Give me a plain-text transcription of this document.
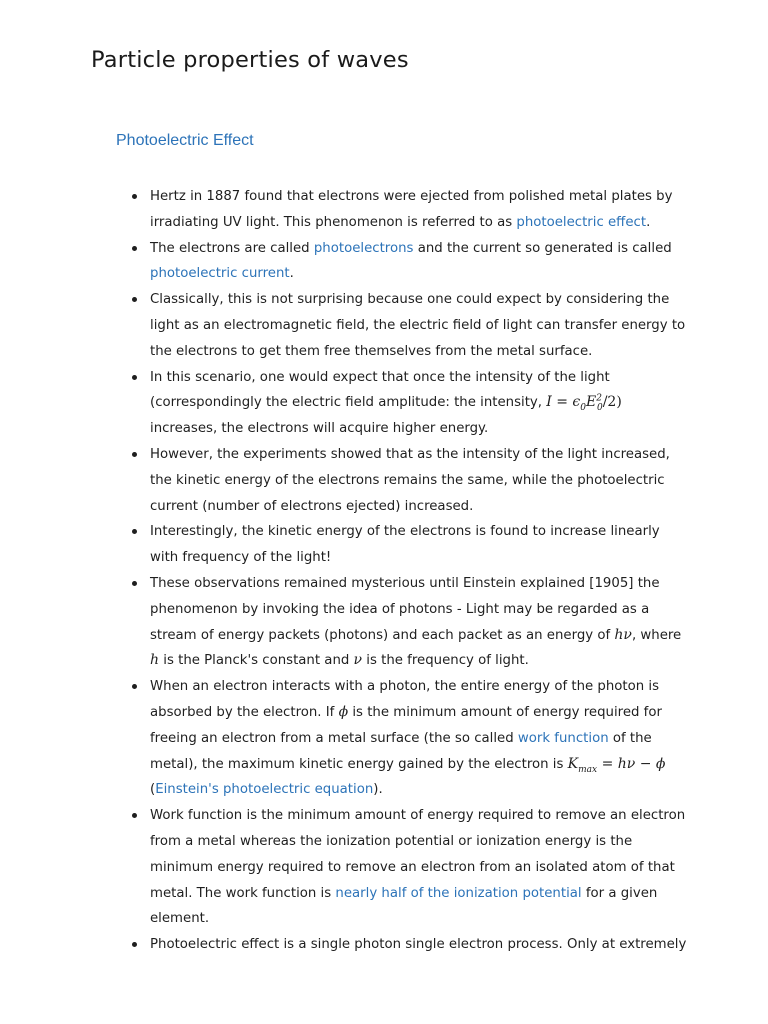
Particle properties of waves
Photoelectric Effect
Hertz in 1887 found that electrons were ejected from polished metal plates by
irradiating UV light. This phenomenon is referred to as photoelectric effect.
The electrons are called photoelectrons and the current so generated is called
photoelectric current.
Classically, this is not surprising because one could expect by considering the
light as an electromagnetic field, the electric field of light can transfer energy to
the electrons to get them free themselves from the metal surface.
In this scenario, one would expect that once the intensity of the light
(correspondingly the electric field amplitude: the intensity, $I = \epsilon_0E^2_0/2$)
increases, the electrons will acquire higher energy.
However, the experiments showed that as the intensity of the light increased,
the kinetic energy of the electrons remains the same, while the photoelectric
current (number of electrons ejected) increased.
Interestingly, the kinetic energy of the electrons is found to increase linearly
with frequency of the light!
These observations remained mysterious until Einstein explained [1905] the
phenomenon by invoking the idea of photons - Light may be regarded as a
stream of energy packets (photons) and each packet as an energy of hν, where
h is the Planck's constant and ν is the frequency of light.
When an electron interacts with a photon, the entire energy of the photon is
absorbed by the electron. If ϕ is the minimum amount of energy required for
freeing an electron from a metal surface (the so called work function of the
metal), the maximum kinetic energy gained by the electron is $K_{max} = h\nu - \phi$
(Einstein's photoelectric equation).
Work function is the minimum amount of energy required to remove an electron
from a metal whereas the ionization potential or ionization energy is the
minimum energy required to remove an electron from an isolated atom of that
metal. The work function is nearly half of the ionization potential for a given
element.
Photoelectric effect is a single photon single electron process. Only at extremely
